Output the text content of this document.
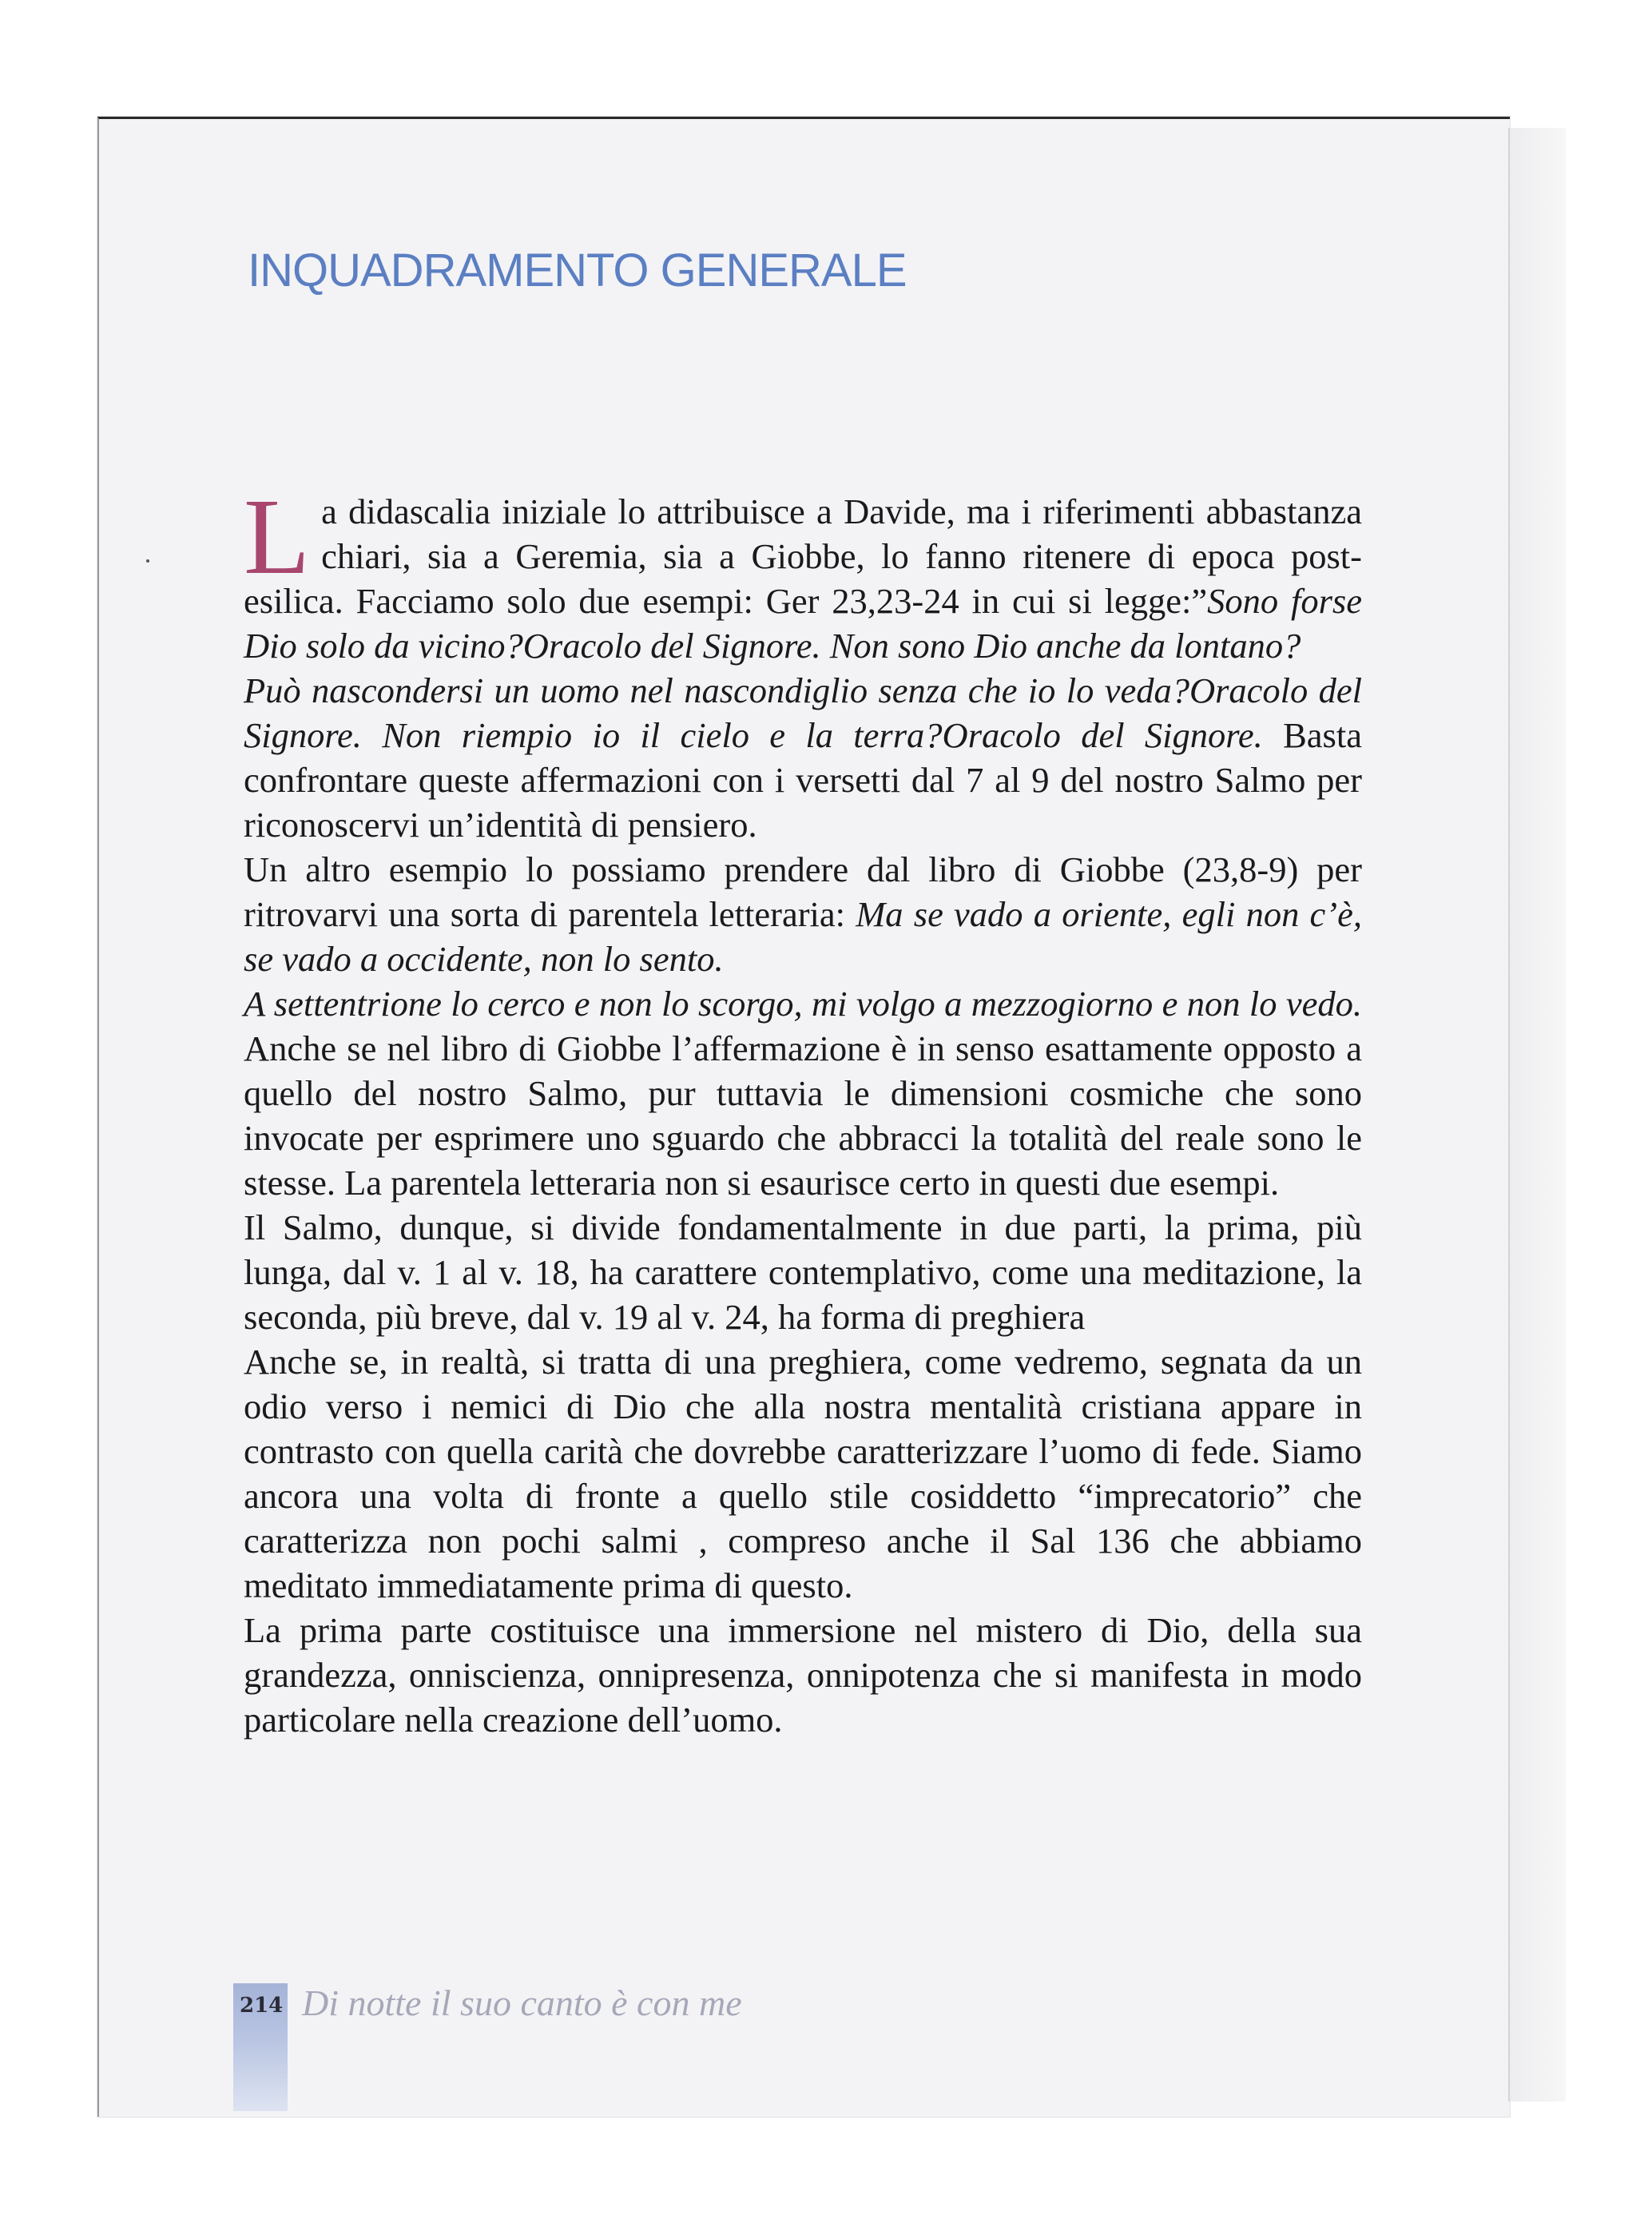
INQUADRAMENTO GENERALE

La didascalia iniziale lo attribuisce a Davide, ma i riferimenti abbastanza chiari, sia a Geremia, sia a Giobbe, lo fanno ritenere di epoca post-esilica. Facciamo solo due esempi: Ger 23,23-24 in cui si legge:”Sono forse Dio solo da vicino?Oracolo del Signore. Non sono Dio anche da lontano?

Può nascondersi un uomo nel nascondiglio senza che io lo veda?Oracolo del Signore. Non riempio io il cielo e la terra?Oracolo del Signore. Basta confrontare queste affermazioni con i versetti dal 7 al 9 del nostro Salmo per riconoscervi un’identità di pensiero.

Un altro esempio lo possiamo prendere dal libro di Giobbe (23,8-9) per ritrovarvi una sorta di parentela letteraria: Ma se vado a oriente, egli non c’è, se vado a occidente, non lo sento.

A settentrione lo cerco e non lo scorgo, mi volgo a mezzogiorno e non lo vedo. Anche se nel libro di Giobbe l’affermazione è in senso esattamente opposto a quello del nostro Salmo, pur tuttavia le dimensioni cosmiche che sono invocate per esprimere uno sguardo che abbracci la totalità del reale sono le stesse. La parentela letteraria non si esaurisce certo in questi due esempi.

Il Salmo, dunque, si divide fondamentalmente in due parti, la prima, più lunga, dal v. 1 al v. 18, ha carattere contemplativo, come una meditazione, la seconda, più breve, dal v. 19 al v. 24, ha forma di preghiera

Anche se, in realtà, si tratta di una preghiera, come vedremo, segnata da un odio verso i nemici di Dio che alla nostra mentalità cristiana appare in contrasto con quella carità che dovrebbe caratterizzare l’uomo di fede. Siamo ancora una volta di fronte a quello stile cosiddetto “imprecatorio” che caratterizza non pochi salmi , compreso anche il Sal 136 che abbiamo meditato immediatamente prima di questo.

La prima parte costituisce una immersione nel mistero di Dio, della sua grandezza, onniscienza, onnipresenza, onnipotenza che si manifesta in modo particolare nella creazione dell’uomo.

214 Di notte il suo canto è con me
